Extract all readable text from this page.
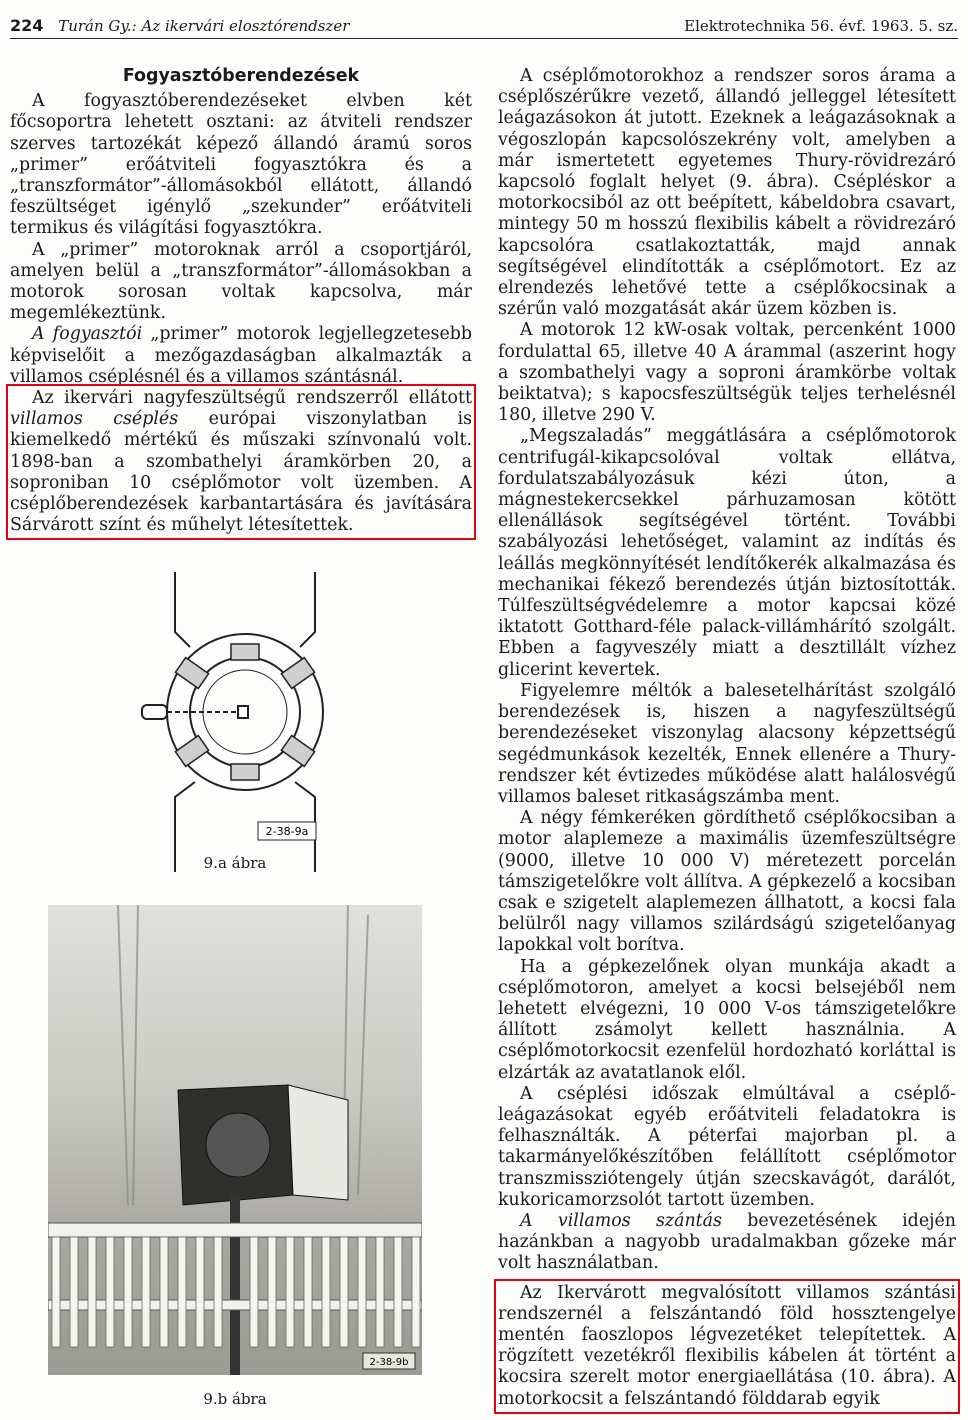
224 Turán Gy.: Az ikervári elosztórendszer	Elektrotechnika 56. évf. 1963. 5. sz.
Fogyasztóberendezések

A fogyasztóberendezéseket elvben két főcsoportra lehetett osztani: az átviteli rendszer szerves tartozékát képező állandó áramú soros „primer” erőátviteli fogyasztókra és a „transzformátor”-állomásokból ellátott, állandó feszültséget igénylő „szekunder” erőátviteli termikus és világítási fogyasztókra.

A „primer” motoroknak arról a csoportjáról, amelyen belül a „transzformátor”-állomásokban a motorok sorosan voltak kapcsolva, már megemlékeztünk.

A fogyasztói „primer” motorok legjellegzetesebb képviselőit a mezőgazdaságban alkalmazták a villamos cséplésnél és a villamos szántásnál.

Az ikervári nagyfeszültségű rendszerről ellátott villamos cséplés európai viszonylatban is kiemelkedő mértékű és műszaki színvonalú volt. 1898-ban a szombathelyi áramkörben 20, a soproniban 10 cséplőmotor volt üzemben. A cséplőberendezések karbantartására és javítására Sárvárott színt és műhelyt létesítettek.

2-38-9a
9.a ábra
2-38-9b
9.b ábra

A cséplőmotorokhoz a rendszer soros árama a cséplőszérűkre vezető, állandó jelleggel létesített leágazásokon át jutott. Ezeknek a leágazásoknak a végoszlopán kapcsolószekrény volt, amelyben a már ismertetett egyetemes Thury-rövidrezáró kapcsoló foglalt helyet (9. ábra). Csépléskor a motorkocsiból az ott beépített, kábeldobra csavart, mintegy 50 m hosszú flexibilis kábelt a rövidrezáró kapcsolóra csatlakoztatták, majd annak segítségével elindították a cséplőmotort. Ez az elrendezés lehetővé tette a cséplőkocsinak a szérűn való mozgatását akár üzem közben is.

A motorok 12 kW-osak voltak, percenként 1000 fordulattal 65, illetve 40 A árammal (aszerint hogy a szombathelyi vagy a soproni áramkörbe voltak beiktatva); s kapocsfeszültségük teljes terhelésnél 180, illetve 290 V.

„Megszaladás” meggátlására a cséplőmotorok centrifugál-kikapcsolóval voltak ellátva, fordulatszabályozásuk kézi úton, a mágnestekercsekkel párhuzamosan kötött ellenállások segítségével történt. További szabályozási lehetőséget, valamint az indítás és leállás megkönnyítését lendítőkerék alkalmazása és mechanikai fékező berendezés útján biztosították. Túlfeszültségvédelemre a motor kapcsai közé iktatott Gotthard-féle palack-villámhárító szolgált. Ebben a fagyveszély miatt a desztillált vízhez glicerint kevertek.

Figyelemre méltók a balesetelhárítást szolgáló berendezések is, hiszen a nagyfeszültségű berendezéseket viszonylag alacsony képzettségű segédmunkások kezelték, Ennek ellenére a Thury-rendszer két évtizedes működése alatt halálosvégű villamos baleset ritkaságszámba ment.

A négy fémkeréken gördíthető cséplőkocsiban a motor alaplemeze a maximális üzemfeszültségre (9000, illetve 10 000 V) méretezett porcelán támszigetelőkre volt állítva. A gépkezelő a kocsiban csak e szigetelt alaplemezen állhatott, a kocsi fala belülről nagy villamos szilárdságú szigetelőanyag lapokkal volt borítva.

Ha a gépkezelőnek olyan munkája akadt a cséplőmotoron, amelyet a kocsi belsejéből nem lehetett elvégezni, 10 000 V-os támszigetelőkre állított zsámolyt kellett használnia. A cséplőmotorkocsit ezenfelül hordozható korláttal is elzárták az avatatlanok elől.

A cséplési időszak elmúltával a cséplő-leágazásokat egyéb erőátviteli feladatokra is felhasználták. A péterfai majorban pl. a takarmányelőkészítőben felállított cséplőmotor transzmissziótengely útján szecskavágót, darálót, kukoricamorzsolót tartott üzemben.

A villamos szántás bevezetésének idején hazánkban a nagyobb uradalmakban gőzeke már volt használatban.

Az Ikervárott megvalósított villamos szántási rendszernél a felszántandó föld hossztengelye mentén faoszlopos légvezetéket telepítettek. A rögzített vezetékről flexibilis kábelen át történt a kocsira szerelt motor energiaellátása (10. ábra). A motorkocsit a felszántandó földdarab egyik
